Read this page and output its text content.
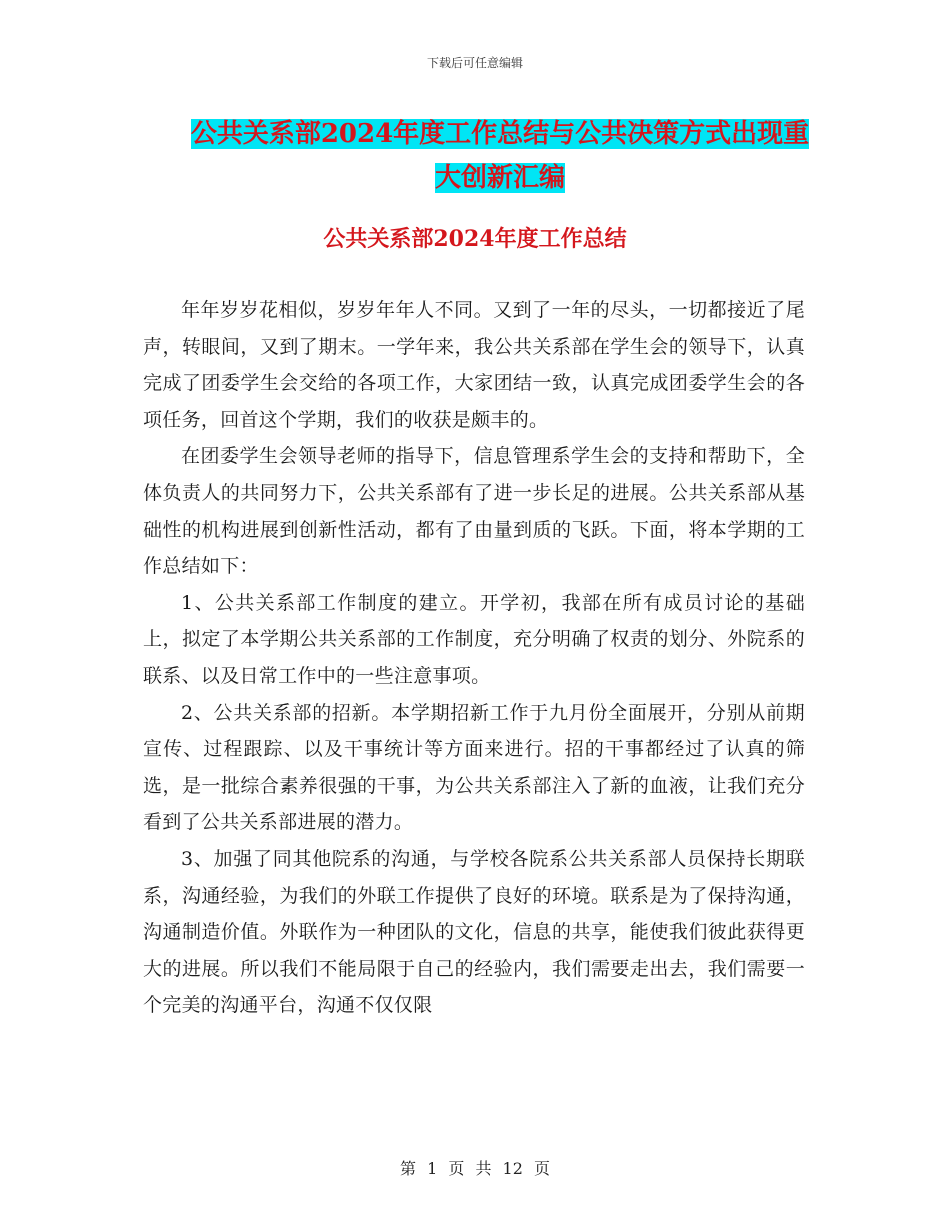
下载后可任意编辑
公共关系部2024年度工作总结与公共决策方式出现重
大创新汇编
公共关系部2024年度工作总结

年年岁岁花相似，岁岁年年人不同。又到了一年的尽头，一切都接近了尾声，转眼间，又到了期末。一学年来，我公共关系部在学生会的领导下，认真完成了团委学生会交给的各项工作，大家团结一致，认真完成团委学生会的各项任务，回首这个学期，我们的收获是颇丰的。

在团委学生会领导老师的指导下，信息管理系学生会的支持和帮助下，全体负责人的共同努力下，公共关系部有了进一步长足的进展。公共关系部从基础性的机构进展到创新性活动，都有了由量到质的飞跃。下面，将本学期的工作总结如下：

1、公共关系部工作制度的建立。开学初，我部在所有成员讨论的基础上，拟定了本学期公共关系部的工作制度，充分明确了权责的划分、外院系的联系、以及日常工作中的一些注意事项。

2、公共关系部的招新。本学期招新工作于九月份全面展开，分别从前期宣传、过程跟踪、以及干事统计等方面来进行。招的干事都经过了认真的筛选，是一批综合素养很强的干事，为公共关系部注入了新的血液，让我们充分看到了公共关系部进展的潜力。

3、加强了同其他院系的沟通，与学校各院系公共关系部人员保持长期联系，沟通经验，为我们的外联工作提供了良好的环境。联系是为了保持沟通，沟通制造价值。外联作为一种团队的文化，信息的共享，能使我们彼此获得更大的进展。所以我们不能局限于自己的经验内，我们需要走出去，我们需要一个完美的沟通平台，沟通不仅仅限

第 1 页 共 12 页
